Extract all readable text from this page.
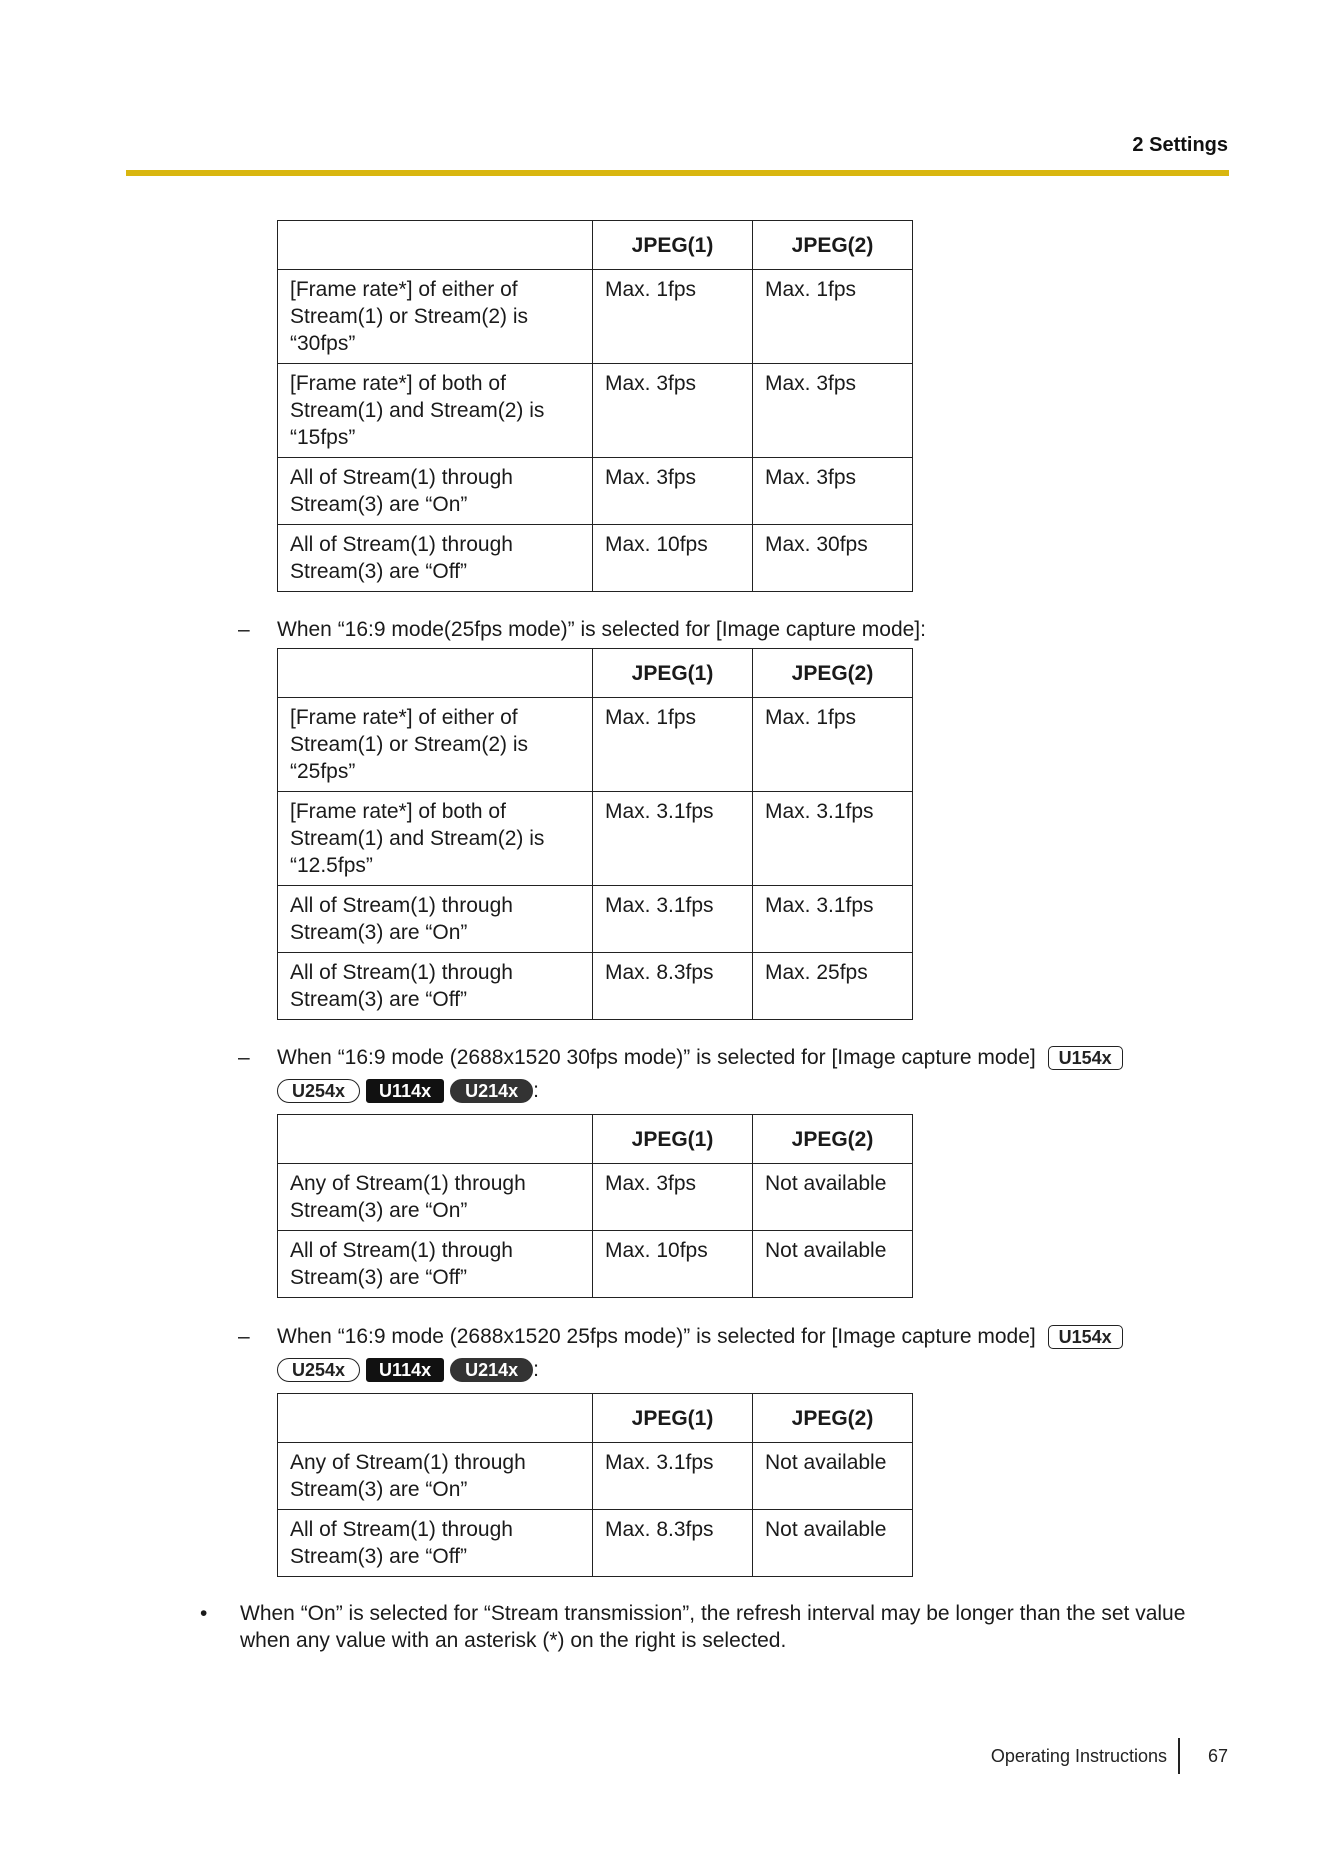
2 Settings
	JPEG(1)	JPEG(2)
[Frame rate*] of either of Stream(1) or Stream(2) is “30fps”	Max. 1fps	Max. 1fps
[Frame rate*] of both of Stream(1) and Stream(2) is “15fps”	Max. 3fps	Max. 3fps
All of Stream(1) through Stream(3) are “On”	Max. 3fps	Max. 3fps
All of Stream(1) through Stream(3) are “Off”	Max. 10fps	Max. 30fps
– When “16:9 mode(25fps mode)” is selected for [Image capture mode]:
	JPEG(1)	JPEG(2)
[Frame rate*] of either of Stream(1) or Stream(2) is “25fps”	Max. 1fps	Max. 1fps
[Frame rate*] of both of Stream(1) and Stream(2) is “12.5fps”	Max. 3.1fps	Max. 3.1fps
All of Stream(1) through Stream(3) are “On”	Max. 3.1fps	Max. 3.1fps
All of Stream(1) through Stream(3) are “Off”	Max. 8.3fps	Max. 25fps
– When “16:9 mode (2688x1520 30fps mode)” is selected for [Image capture mode] U154x
U254x U114x U214x :
	JPEG(1)	JPEG(2)
Any of Stream(1) through Stream(3) are “On”	Max. 3fps	Not available
All of Stream(1) through Stream(3) are “Off”	Max. 10fps	Not available
– When “16:9 mode (2688x1520 25fps mode)” is selected for [Image capture mode] U154x
U254x U114x U214x :
	JPEG(1)	JPEG(2)
Any of Stream(1) through Stream(3) are “On”	Max. 3.1fps	Not available
All of Stream(1) through Stream(3) are “Off”	Max. 8.3fps	Not available
• When “On” is selected for “Stream transmission”, the refresh interval may be longer than the set value when any value with an asterisk (*) on the right is selected.
Operating Instructions 67
